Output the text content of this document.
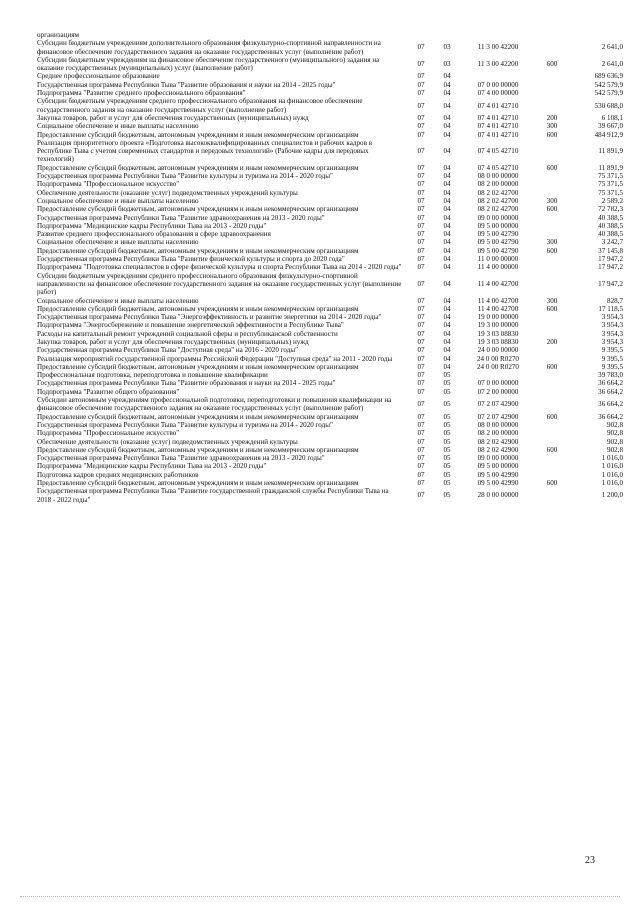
организациям					
Субсидии бюджетным учреждениям дополнительного образования физкультурно-спортивной направленности на финансовое обеспечение государственного задания на оказание государственных услуг (выполнение работ)	07	03	11 3 00 42200		2 641,0
Субсидии бюджетным учреждениям на финансовое обеспечение государственного (муниципального) задания на оказание государственных (муниципальных) услуг (выполнение работ)	07	03	11 3 00 42200	600	2 641,0
Среднее профессиональное образование	07	04			689 636,9
Государственная программа Республики Тыва "Развитие образования и науки на 2014 - 2025 годы"	07	04	07 0 00 00000		542 579,9
Подпрограмма "Развитие среднего профессионального образования"	07	04	07 4 00 00000		542 579,9
Субсидии бюджетным учреждениям среднего профессионального образования на финансовое обеспечение государственного задания на оказание государственных услуг (выполнение работ)	07	04	07 4 01 42710		530 688,0
Закупка товаров, работ и услуг для обеспечения государственных (муниципальных) нужд	07	04	07 4 01 42710	200	6 108,1
Социальное обеспечение и иные выплаты населению	07	04	07 4 01 42710	300	39 667,0
Предоставление субсидий бюджетным, автономным учреждениям и иным некоммерческим организациям	07	04	07 4 01 42710	600	484 912,9
Реализация приоритетного проекта «Подготовка высококвалифицированных специалистов и рабочих кадров в Республике Тыва с учетом современных стандартов и передовых технологий» (Рабочие кадры для передовых технологий)	07	04	07 4 05 42710		11 891,9
Предоставление субсидий бюджетным, автономным учреждениям и иным некоммерческим организациям	07	04	07 4 05 42710	600	11 891,9
Государственная программа Республики Тыва "Развитие культуры и туризма на 2014 - 2020 годы"	07	04	08 0 00 00000		75 371,5
Подпрограмма "Профессиональное искусство"	07	04	08 2 00 00000		75 371,5
Обеспечение деятельности (оказание услуг) подведомственных учреждений культуры	07	04	08 2 02 42700		75 371,5
Социальное обеспечение и иные выплаты населению	07	04	08 2 02 42700	300	2 589,2
Предоставление субсидий бюджетным, автономным учреждениям и иным некоммерческим организациям	07	04	08 2 02 42700	600	72 782,3
Государственная программа Республики Тыва "Развитие здравоохранения на 2013 - 2020 годы"	07	04	09 0 00 00000		40 388,5
Подпрограмма "Медицинские кадры Республики Тыва на 2013 - 2020 годы"	07	04	09 5 00 00000		40 388,5
Развитие среднего профессионального образования в сфере здравоохранения	07	04	09 5 00 42790		40 388,5
Социальное обеспечение и иные выплаты населению	07	04	09 5 00 42790	300	3 242,7
Предоставление субсидий бюджетным, автономным учреждениям и иным некоммерческим организациям	07	04	09 5 00 42790	600	37 145,8
Государственная программа Республики Тыва "Развитие физической культуры и спорта до 2020 года"	07	04	11 0 00 00000		17 947,2
Подпрограмма "Подготовка специалистов в сфере физической культуры и спорта Республики Тыва на 2014 - 2020 годы"	07	04	11 4 00 00000		17 947,2
Субсидии бюджетным учреждениям среднего профессионального образования физкультурно-спортивной направленности на финансовое обеспечение государственного задания на оказание государственных услуг (выполнение работ)	07	04	11 4 00 42700		17 947,2
Социальное обеспечение и иные выплаты населению	07	04	11 4 00 42700	300	828,7
Предоставление субсидий бюджетным, автономным учреждениям и иным некоммерческим организациям	07	04	11 4 00 42700	600	17 118,5
Государственная программа Республики Тыва "Энергоэффективность и развитие энергетики на 2014 - 2020 годы"	07	04	19 0 00 00000		3 954,3
Подпрограмма "Энергосбережение и повышение энергетической эффективности в Республике Тыва"	07	04	19 3 00 00000		3 954,3
Расходы на капитальный ремонт учреждений социальной сферы и республиканской собственности	07	04	19 3 03 08830		3 954,3
Закупка товаров, работ и услуг для обеспечения государственных (муниципальных) нужд	07	04	19 3 03 08830	200	3 954,3
Государственная программа Республики Тыва "Доступная среда" на 2016 - 2020 годы"	07	04	24 0 00 00000		9 395,5
Реализация мероприятий государственной программы Российской Федерации "Доступная среда" на 2011 - 2020 годы	07	04	24 0 00 R0270		9 395,5
Предоставление субсидий бюджетным, автономным учреждениям и иным некоммерческим организациям	07	04	24 0 00 R0270	600	9 395,5
Профессиональная подготовка, переподготовка и повышение квалификации	07	05			39 783,0
Государственная программа Республики Тыва "Развитие образования и науки на 2014 - 2025 годы"	07	05	07 0 00 00000		36 664,2
Подпрограмма "Развитие общего образования"	07	05	07 2 00 00000		36 664,2
Субсидии автономным учреждениям профессиональной подготовки, переподготовки и повышения квалификации на финансовое обеспечение государственного задания на оказание государственных услуг (выполнение работ)	07	05	07 2 07 42900		36 664,2
Предоставление субсидий бюджетным, автономным учреждениям и иным некоммерческим организациям	07	05	07 2 07 42900	600	36 664,2
Государственная программа Республики Тыва "Развитие культуры и туризма на 2014 - 2020 годы"	07	05	08 0 00 00000		902,8
Подпрограмма "Профессиональное искусство"	07	05	08 2 00 00000		902,8
Обеспечение деятельности (оказание услуг) подведомственных учреждений культуры	07	05	08 2 02 42900		902,8
Предоставление субсидий бюджетным, автономным учреждениям и иным некоммерческим организациям	07	05	08 2 02 42900	600	902,8
Государственная программа Республики Тыва "Развитие здравоохранения на 2013 - 2020 годы"	07	05	09 0 00 00000		1 016,0
Подпрограмма "Медицинские кадры Республики Тыва на 2013 - 2020 годы"	07	05	09 5 00 00000		1 016,0
Подготовка кадров средних медицинских работников	07	05	09 5 00 42990		1 016,0
Предоставление субсидий бюджетным, автономным учреждениям и иным некоммерческим организациям	07	05	09 5 00 42990	600	1 016,0
Государственная программа Республики Тыва "Развитие государственной гражданской службы Республики Тыва на 2018 - 2022 годы"	07	05	28 0 00 00000		1 200,0
23
